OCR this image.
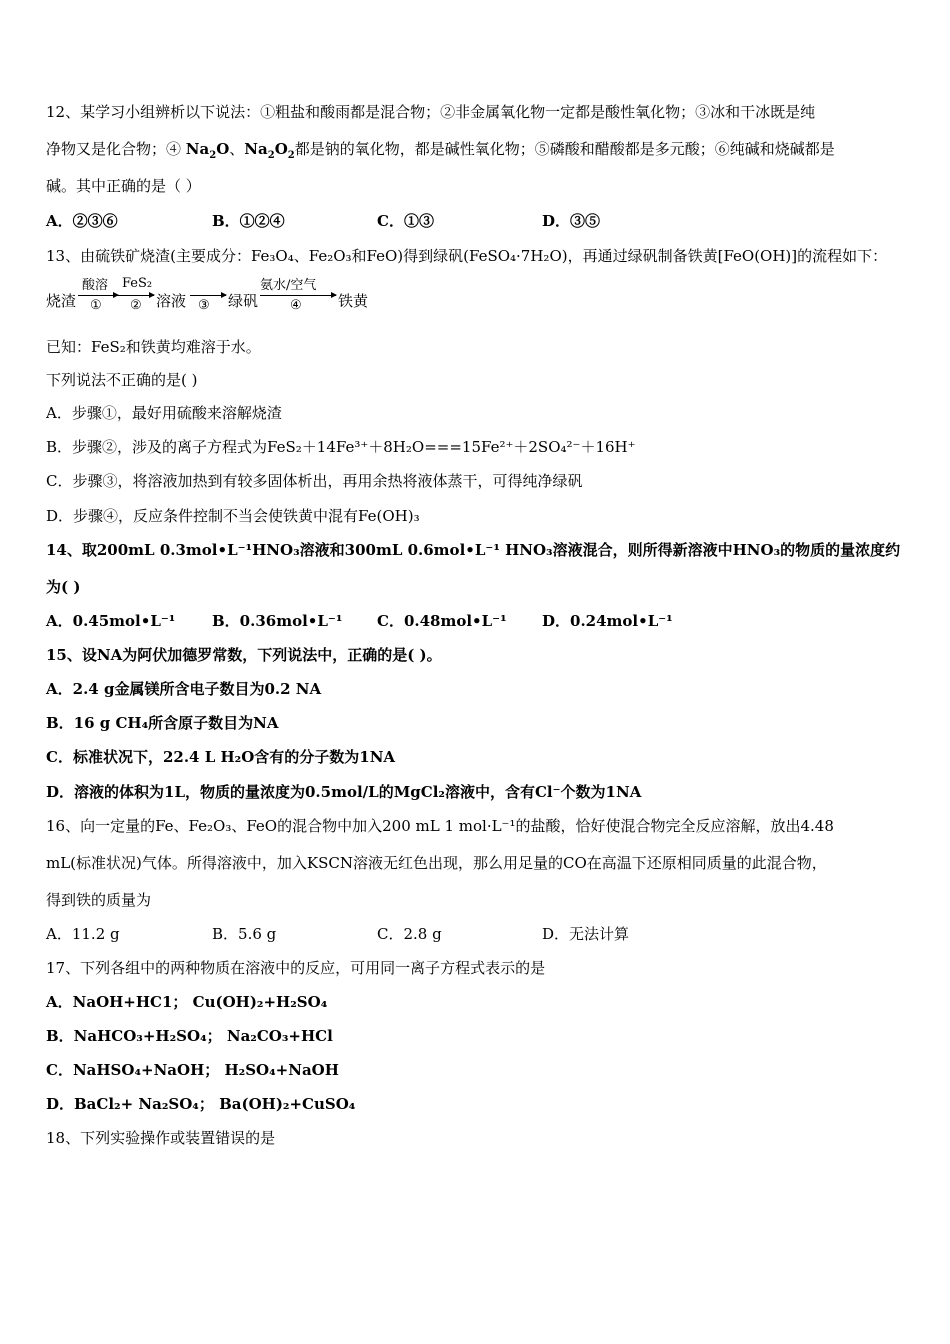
12、某学习小组辨析以下说法：①粗盐和酸雨都是混合物；②非金属氧化物一定都是酸性氧化物；③冰和干冰既是纯
净物又是化合物；④ $Na_2O$、$Na_2O_2$都是钠的氧化物，都是碱性氧化物；⑤磷酸和醋酸都是多元酸；⑥纯碱和烧碱都是
碱。其中正确的是（ ）
A．②③⑥	B．①②④	C．①③	D．③⑤
13、由硫铁矿烧渣(主要成分：Fe₃O₄、Fe₂O₃和FeO)得到绿矾(FeSO₄·7H₂O)，再通过绿矾制备铁黄[FeO(OH)]的流程如下：
烧渣
酸溶
①
FeS₂
② 溶液 ③ 绿矾
氨水/空气
④ 铁黄
已知：FeS₂和铁黄均难溶于水。
下列说法不正确的是( )
A．步骤①，最好用硫酸来溶解烧渣
B．步骤②，涉及的离子方程式为FeS₂＋14Fe³⁺＋8H₂O===15Fe²⁺＋2SO₄²⁻＋16H⁺
C．步骤③，将溶液加热到有较多固体析出，再用余热将液体蒸干，可得纯净绿矾
D．步骤④，反应条件控制不当会使铁黄中混有Fe(OH)₃
14、取200mL 0.3mol•L⁻¹HNO₃溶液和300mL 0.6mol•L⁻¹ HNO₃溶液混合，则所得新溶液中HNO₃的物质的量浓度约
为( )
A．0.45mol•L⁻¹ B．0.36mol•L⁻¹ C．0.48mol•L⁻¹ D．0.24mol•L⁻¹
15、设NA为阿伏加德罗常数，下列说法中，正确的是( )。
A．2.4 g金属镁所含电子数目为0.2 NA
B．16 g CH₄所含原子数目为NA
C．标准状况下，22.4 L H₂O含有的分子数为1NA
D．溶液的体积为1L，物质的量浓度为0.5mol/L的MgCl₂溶液中，含有Cl⁻个数为1NA
16、向一定量的Fe、Fe₂O₃、FeO的混合物中加入200 mL 1 mol·L⁻¹的盐酸，恰好使混合物完全反应溶解，放出4.48
mL(标准状况)气体。所得溶液中，加入KSCN溶液无红色出现，那么用足量的CO在高温下还原相同质量的此混合物，
得到铁的质量为
A．11.2 g	B．5.6 g	C．2.8 g	D．无法计算
17、下列各组中的两种物质在溶液中的反应，可用同一离子方程式表示的是
A．NaOH+HC1； Cu(OH)₂+H₂SO₄
B．NaHCO₃+H₂SO₄； Na₂CO₃+HCl
C．NaHSO₄+NaOH； H₂SO₄+NaOH
D．BaCl₂+ Na₂SO₄； Ba(OH)₂+CuSO₄
18、下列实验操作或装置错误的是
